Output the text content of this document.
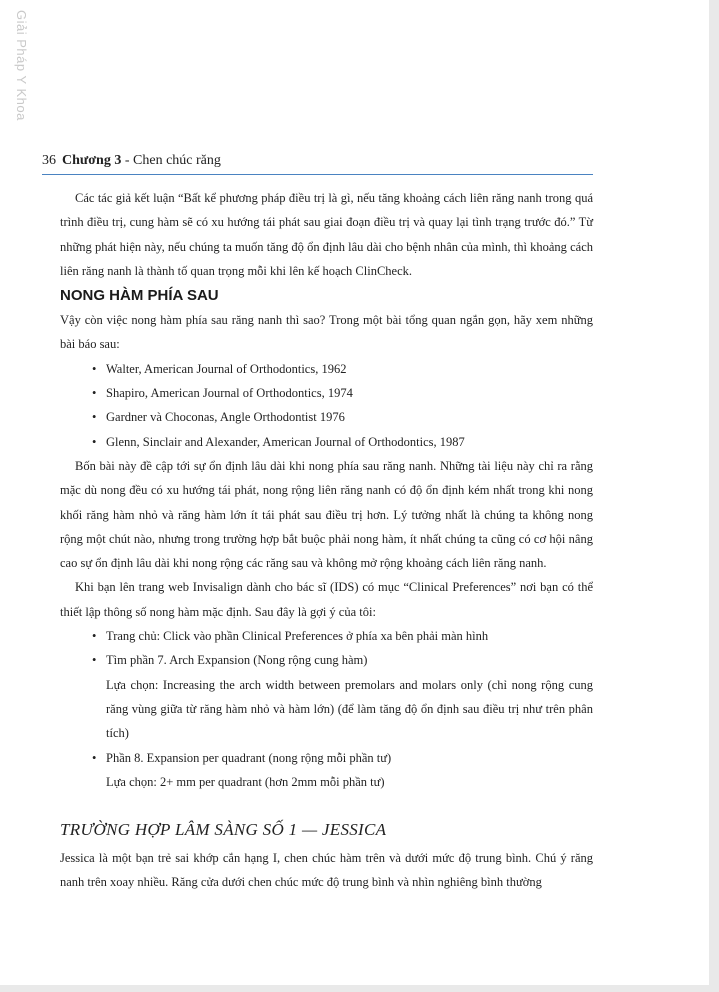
Giải Pháp Y Khoa
36 Chương 3 - Chen chúc răng

Các tác giả kết luận “Bất kể phương pháp điều trị là gì, nếu tăng khoảng cách liên răng nanh trong quá trình điều trị, cung hàm sẽ có xu hướng tái phát sau giai đoạn điều trị và quay lại tình trạng trước đó.” Từ những phát hiện này, nếu chúng ta muốn tăng độ ổn định lâu dài cho bệnh nhân của mình, thì khoảng cách liên răng nanh là thành tố quan trọng mỗi khi lên kế hoạch ClinCheck.

NONG HÀM PHÍA SAU

Vậy còn việc nong hàm phía sau răng nanh thì sao? Trong một bài tổng quan ngắn gọn, hãy xem những bài báo sau:

• Walter, American Journal of Orthodontics, 1962
• Shapiro, American Journal of Orthodontics, 1974
• Gardner và Choconas, Angle Orthodontist 1976
• Glenn, Sinclair and Alexander, American Journal of Orthodontics, 1987

Bốn bài này đề cập tới sự ổn định lâu dài khi nong phía sau răng nanh. Những tài liệu này chỉ ra rằng mặc dù nong đều có xu hướng tái phát, nong rộng liên răng nanh có độ ổn định kém nhất trong khi nong khối răng hàm nhỏ và răng hàm lớn ít tái phát sau điều trị hơn. Lý tưởng nhất là chúng ta không nong rộng một chút nào, nhưng trong trường hợp bắt buộc phải nong hàm, ít nhất chúng ta cũng có cơ hội nâng cao sự ổn định lâu dài khi nong rộng các răng sau và không mở rộng khoảng cách liên răng nanh.

Khi bạn lên trang web Invisalign dành cho bác sĩ (IDS) có mục “Clinical Preferences” nơi bạn có thể thiết lập thông số nong hàm mặc định. Sau đây là gợi ý của tôi:

• Trang chủ: Click vào phần Clinical Preferences ở phía xa bên phải màn hình
• Tìm phần 7. Arch Expansion (Nong rộng cung hàm)

Lựa chọn: Increasing the arch width between premolars and molars only (chỉ nong rộng cung răng vùng giữa từ răng hàm nhỏ và hàm lớn) (để làm tăng độ ổn định sau điều trị như trên phân tích)

• Phần 8. Expansion per quadrant (nong rộng mỗi phần tư)

Lựa chọn: 2+ mm per quadrant (hơn 2mm mỗi phần tư)

TRƯỜNG HỢP LÂM SÀNG SỐ 1 — JESSICA

Jessica là một bạn trẻ sai khớp cắn hạng I, chen chúc hàm trên và dưới mức độ trung bình. Chú ý răng nanh trên xoay nhiều. Răng cửa dưới chen chúc mức độ trung bình và nhìn nghiêng bình thường
